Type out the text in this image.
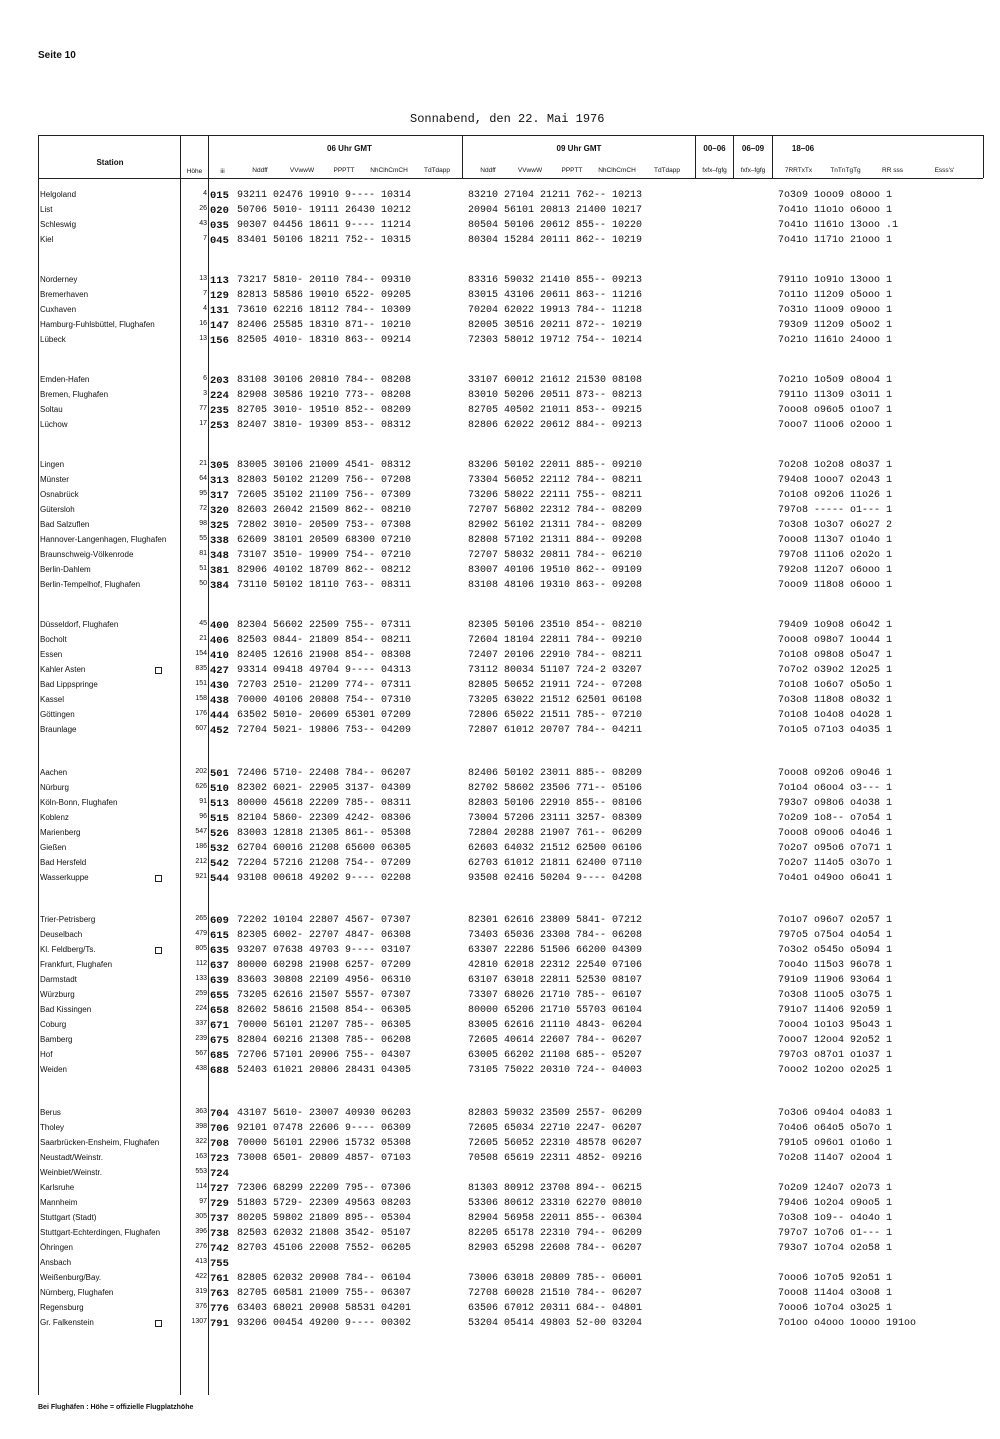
Seite 10
Sonnabend, den 22. Mai 1976
Station
Höhe	iii
06 Uhr GMT	09 Uhr GMT	00–06	06–09	18–06
Nddff	VVwwW	PPPTT	NhClhCmCH	TdTdapp	Nddff	VVwwW	PPPTT	NhClhCmCH	TdTdapp	fxfx–fgfg	fxfx–fgfg	7RRTxTx	TnTnTgTg	RR sss	Esss's'
Helgoland	4 015 93211 02476 19910 9---- 10314	83210 27104 21211 762-- 10213	7o3o9 1ooo9 o8ooo 1
List	26 020 50706 5010- 19111 26430 10212	20904 56101 20813 21400 10217	7o41o 11o1o o6ooo 1
Schleswig	43 035 90307 04456 18611 9---- 11214	80504 50106 20612 855-- 10220	7o41o 1161o 13ooo .1
Kiel	7 045 83401 50106 18211 752-- 10315	80304 15284 20111 862-- 10219	7o41o 1171o 21ooo 1
Norderney	13 113 73217 5810- 20110 784-- 09310	83316 59032 21410 855-- 09213	7911o 1o91o 13ooo 1
Bremerhaven	7 129 82813 58586 19010 6522- 09205	83015 43106 20611 863-- 11216	7o11o 112o9 o5ooo 1
Cuxhaven	4 131 73610 62216 18112 784-- 10309	70204 62022 19913 784-- 11218	7o31o 11oo9 o9ooo 1
Hamburg-Fuhlsbüttel, Flughafen	16 147 82406 25585 18310 871-- 10210	82005 30516 20211 872-- 10219	793o9 112o9 o5oo2 1
Lübeck	13 156 82505 4010- 18310 863-- 09214	72303 58012 19712 754-- 10214	7o21o 1161o 24ooo 1
Emden-Hafen	6 203 83108 30106 20810 784-- 08208	33107 60012 21612 21530 08108	7o21o 1o5o9 o8oo4 1
Bremen, Flughafen	3 224 82908 30586 19210 773-- 08208	83010 50206 20511 873-- 08213	7911o 113o9 o3o11 1
Soltau	77 235 82705 3010- 19510 852-- 08209	82705 40502 21011 853-- 09215	7ooo8 o96o5 o1oo7 1
Lüchow	17 253 82407 3810- 19309 853-- 08312	82806 62022 20612 884-- 09213	7ooo7 11oo6 o2ooo 1
Lingen	21 305 83005 30106 21009 4541- 08312	83206 50102 22011 885-- 09210	7o2o8 1o2o8 o8o37 1
Münster	64 313 82803 50102 21209 756-- 07208	73304 56052 22112 784-- 08211	794o8 1ooo7 o2o43 1
Osnabrück	95 317 72605 35102 21109 756-- 07309	73206 58022 22111 755-- 08211	7o1o8 o92o6 11o26 1
Gütersloh	72 320 82603 26042 21509 862-- 08210	72707 56802 22312 784-- 08209	797o8 ----- o1--- 1
Bad Salzuflen	98 325 72802 3010- 20509 753-- 07308	82902 56102 21311 784-- 08209	7o3o8 1o3o7 o6o27 2
Hannover-Langenhagen, Flughafen	55 338 62609 38101 20509 68300 07210	82808 57102 21311 884-- 09208	7ooo8 113o7 o1o4o 1
Braunschweig-Völkenrode	81 348 73107 3510- 19909 754-- 07210	72707 58032 20811 784-- 06210	797o8 111o6 o2o2o 1
Berlin-Dahlem	51 381 82906 40102 18709 862-- 08212	83007 40106 19510 862-- 09109	792o8 112o7 o6ooo 1
Berlin-Tempelhof, Flughafen	50 384 73110 50102 18110 763-- 08311	83108 48106 19310 863-- 09208	7ooo9 118o8 o6ooo 1
Düsseldorf, Flughafen	45 400 82304 56602 22509 755-- 07311	82305 50106 23510 854-- 08210	794o9 1o9o8 o6o42 1
Bocholt	21 406 82503 0844- 21809 854-- 08211	72604 18104 22811 784-- 09210	7ooo8 o98o7 1oo44 1
Essen	154 410 82405 12616 21908 854-- 08308	72407 20106 22910 784-- 08211	7o1o8 o98o8 o5o47 1
Kahler Asten	835 427 93314 09418 49704 9---- 04313	73112 80034 51107 724-2 03207	7o7o2 o39o2 12o25 1
Bad Lippspringe	151 430 72703 2510- 21209 774-- 07311	82805 50652 21911 724-- 07208	7o1o8 1o6o7 o5o5o 1
Kassel	158 438 70000 40106 20808 754-- 07310	73205 63022 21512 62501 06108	7o3o8 118o8 o8o32 1
Göttingen	176 444 63502 5010- 20609 65301 07209	72806 65022 21511 785-- 07210	7o1o8 1o4o8 o4o28 1
Braunlage	607 452 72704 5021- 19806 753-- 04209	72807 61012 20707 784-- 04211	7o1o5 o71o3 o4o35 1
Aachen	202 501 72406 5710- 22408 784-- 06207	82406 50102 23011 885-- 08209	7ooo8 o92o6 o9o46 1
Nürburg	626 510 82302 6021- 22905 3137- 04309	82702 58602 23506 771-- 05106	7o1o4 o6oo4 o3--- 1
Köln-Bonn, Flughafen	91 513 80000 45618 22209 785-- 08311	82803 50106 22910 855-- 08106	793o7 o98o6 o4o38 1
Koblenz	96 515 82104 5860- 22309 4242- 08306	73004 57206 23111 3257- 08309	7o2o9 1o8-- o7o54 1
Marienberg	547 526 83003 12818 21305 861-- 05308	72804 20288 21907 761-- 06209	7ooo8 o9oo6 o4o46 1
Gießen	186 532 62704 60016 21208 65600 06305	62603 64032 21512 62500 06106	7o2o7 o95o6 o7o71 1
Bad Hersfeld	212 542 72204 57216 21208 754-- 07209	62703 61012 21811 62400 07110	7o2o7 114o5 o3o7o 1
Wasserkuppe	921 544 93108 00618 49202 9---- 02208	93508 02416 50204 9---- 04208	7o4o1 o49oo o6o41 1
Trier-Petrisberg	265 609 72202 10104 22807 4567- 07307	82301 62616 23809 5841- 07212	7o1o7 o96o7 o2o57 1
Deuselbach	479 615 82305 6002- 22707 4847- 06308	73403 65036 23308 784-- 06208	797o5 o75o4 o4o54 1
Kl. Feldberg/Ts.	805 635 93207 07638 49703 9---- 03107	63307 22286 51506 66200 04309	7o3o2 o545o o5o94 1
Frankfurt, Flughafen	112 637 80000 60298 21908 6257- 07209	42810 62018 22312 22540 07106	7oo4o 115o3 96o78 1
Darmstadt	133 639 83603 30808 22109 4956- 06310	63107 63018 22811 52530 08107	791o9 119o6 93o64 1
Würzburg	259 655 73205 62616 21507 5557- 07307	73307 68026 21710 785-- 06107	7o3o8 11oo5 o3o75 1
Bad Kissingen	224 658 82602 58616 21508 854-- 06305	80000 65206 21710 55703 06104	791o7 114o6 92o59 1
Coburg	337 671 70000 56101 21207 785-- 06305	83005 62616 21110 4843- 06204	7ooo4 1o1o3 95o43 1
Bamberg	239 675 82804 60216 21308 785-- 06208	72605 40614 22607 784-- 06207	7ooo7 12oo4 92o52 1
Hof	567 685 72706 57101 20906 755-- 04307	63005 66202 21108 685-- 05207	797o3 o87o1 o1o37 1
Weiden	438 688 52403 61021 20806 28431 04305	73105 75022 20310 724-- 04003	7ooo2 1o2oo o2o25 1
Berus	363 704 43107 5610- 23007 40930 06203	82803 59032 23509 2557- 06209	7o3o6 o94o4 o4o83 1
Tholey	398 706 92101 07478 22606 9---- 06309	72605 65034 22710 2247- 06207	7o4o6 o64o5 o5o7o 1
Saarbrücken-Ensheim, Flughafen	322 708 70000 56101 22906 15732 05308	72605 56052 22310 48578 06207	791o5 o96o1 o1o6o 1
Neustadt/Weinstr.	163 723 73008 6501- 20809 4857- 07103	70508 65619 22311 4852- 09216	7o2o8 114o7 o2oo4 1
Weinbiet/Weinstr.	553 724
Karlsruhe	114 727 72306 68299 22209 795-- 07306	81303 80912 23708 894-- 06215	7o2o9 124o7 o2o73 1
Mannheim	97 729 51803 5729- 22309 49563 08203	53306 80612 23310 62270 08010	794o6 1o2o4 o9oo5 1
Stuttgart (Stadt)	305 737 80205 59802 21809 895-- 05304	82904 56958 22011 855-- 06304	7o3o8 1o9-- o4o4o 1
Stuttgart-Echterdingen, Flughafen	396 738 82503 62032 21808 3542- 05107	82205 65178 22310 794-- 06209	797o7 1o7o6 o1--- 1
Öhringen	276 742 82703 45106 22008 7552- 06205	82903 65298 22608 784-- 06207	793o7 1o7o4 o2o58 1
Ansbach	413 755
Weißenburg/Bay.	422 761 82805 62032 20908 784-- 06104	73006 63018 20809 785-- 06001	7ooo6 1o7o5 92o51 1
Nürnberg, Flughafen	319 763 82705 60581 21009 755-- 06307	72708 60028 21510 784-- 06207	7ooo8 114o4 o3oo8 1
Regensburg	376 776 63403 68021 20908 58531 04201	63506 67012 20311 684-- 04801	7ooo6 1o7o4 o3o25 1
Gr. Falkenstein	1307 791 93206 00454 49200 9---- 00302	53204 05414 49803 52-00 03204	7o1oo o4ooo 1oooo 191oo
Bei Flughäfen : Höhe = offizielle Flugplatzhöhe
